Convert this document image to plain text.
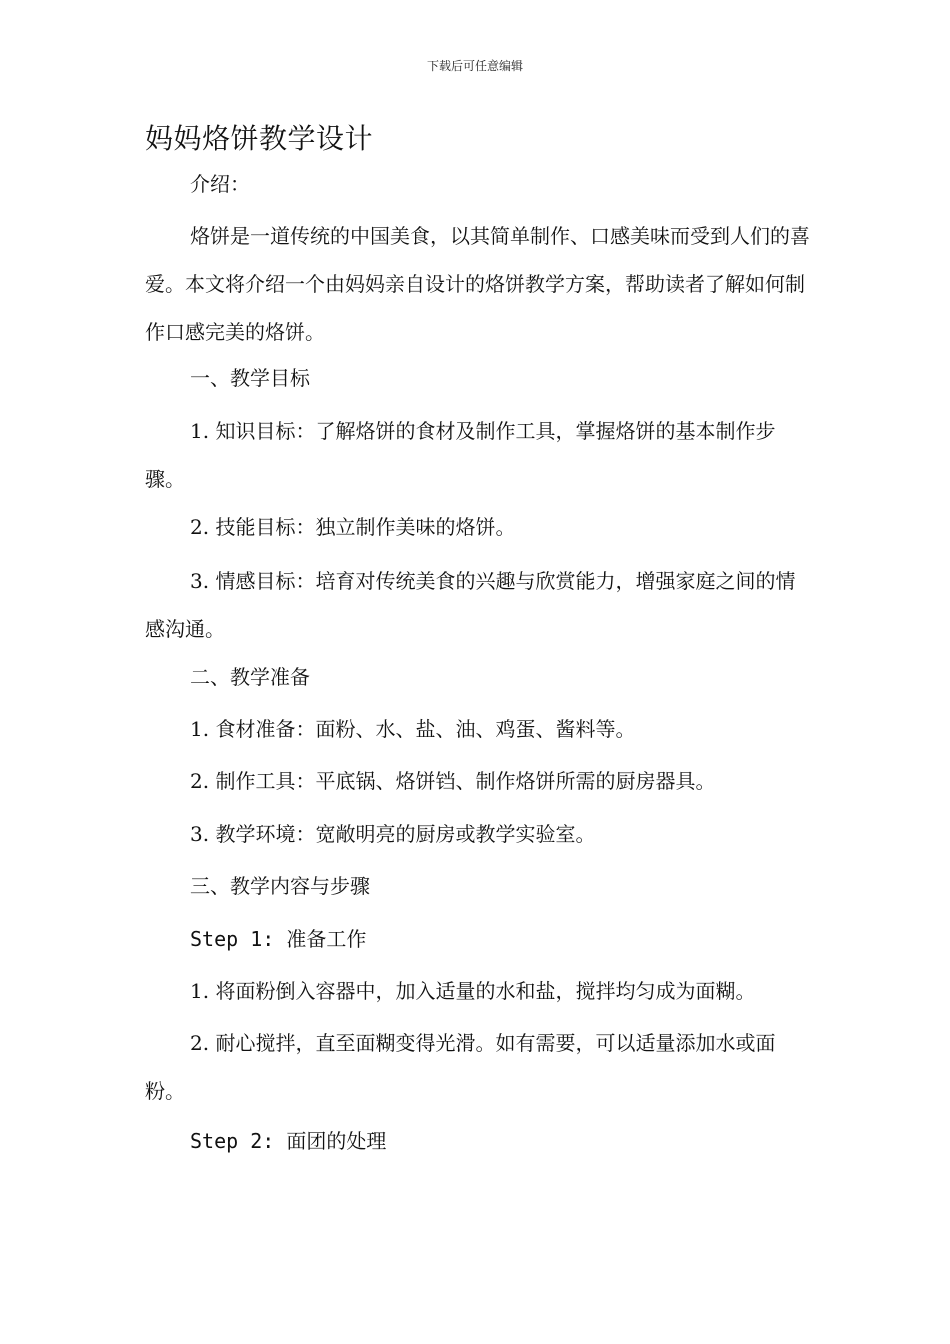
下载后可任意编辑
妈妈烙饼教学设计
介绍：

烙饼是一道传统的中国美食，以其简单制作、口感美味而受到人们的喜爱。本文将介绍一个由妈妈亲自设计的烙饼教学方案，帮助读者了解如何制作口感完美的烙饼。

一、教学目标

1. 知识目标：了解烙饼的食材及制作工具，掌握烙饼的基本制作步骤。

2. 技能目标：独立制作美味的烙饼。

3. 情感目标：培育对传统美食的兴趣与欣赏能力，增强家庭之间的情感沟通。

二、教学准备
1. 食材准备：面粉、水、盐、油、鸡蛋、酱料等。
2. 制作工具：平底锅、烙饼铛、制作烙饼所需的厨房器具。
3. 教学环境：宽敞明亮的厨房或教学实验室。
三、教学内容与步骤
Step 1: 准备工作
1. 将面粉倒入容器中，加入适量的水和盐，搅拌均匀成为面糊。

2. 耐心搅拌，直至面糊变得光滑。如有需要，可以适量添加水或面粉。

Step 2: 面团的处理
